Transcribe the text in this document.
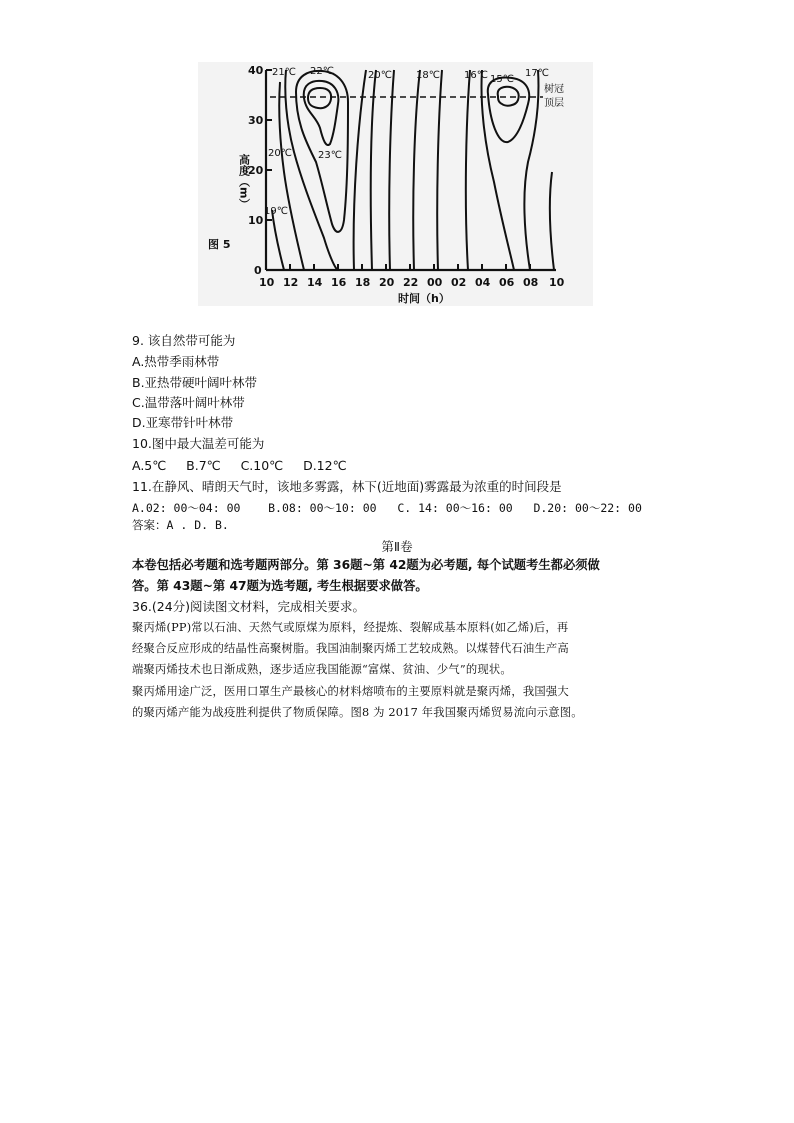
0
10
20
30
40
高度（m）
10 12 14 16 18 20 22 00 02 04 06 08 10
时间（h）
图 5
树冠
顶层
21℃ 22℃	20℃ 18℃ 16℃ 15℃
17℃
20℃	23℃
19℃
9. 该自然带可能为
A.热带季雨林带
B.亚热带硬叶阔叶林带
C.温带落叶阔叶林带
D.亚寒带针叶林带
10.图中最大温差可能为
A.5℃     B.7℃     C.10℃     D.12℃
11.在静风、晴朗天气时，该地多雾露，林下(近地面)雾露最为浓重的时间段是
A.02: 00～04: 00    B.08: 00～10: 00   C. 14: 00～16: 00   D.20: 00～22: 00
答案：A . D. B.
第Ⅱ卷
本卷包括必考题和选考题两部分。第 36题~第 42题为必考题, 每个试题考生都必须做
答。第 43题~第 47题为选考题, 考生根据要求做答。
36.(24分)阅读图文材料，完成相关要求。
聚丙烯(PP)常以石油、天然气或原煤为原料，经提炼、裂解成基本原料(如乙烯)后，再
经聚合反应形成的结晶性高聚树脂。我国油制聚丙烯工艺较成熟。以煤替代石油生产高
端聚丙烯技术也日渐成熟，逐步适应我国能源“富煤、贫油、少气”的现状。
聚丙烯用途广泛，医用口罩生产最核心的材料熔喷布的主要原料就是聚丙烯，我国强大
的聚丙烯产能为战疫胜利提供了物质保障。图8 为 2017 年我国聚丙烯贸易流向示意图。
